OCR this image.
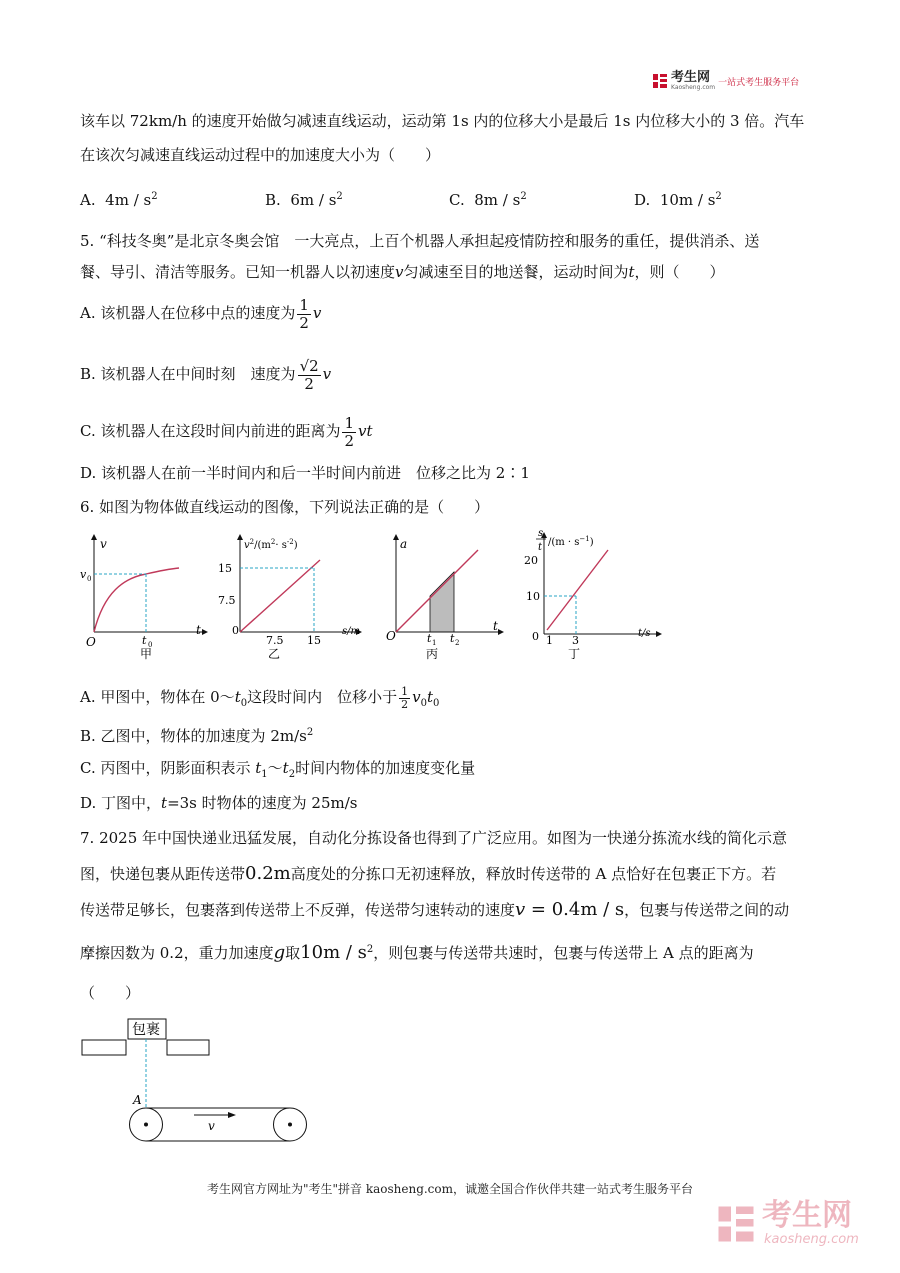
考生网
Kaosheng.com 一站式考生服务平台
该车以 72km/h 的速度开始做匀减速直线运动，运动第 1s 内的位移大小是最后 1s 内位移大小的 3 倍。汽车
在该次匀减速直线运动过程中的加速度大小为（　　）
A. $4m / s^2$	B. $6m / s^2$	C. $8m / s^2$	D. $10m / s^2$
5. “科技冬奥”是北京冬奥会馆　一大亮点，上百个机器人承担起疫情防控和服务的重任，提供消杀、送
餐、导引、清洁等服务。已知一机器人以初速度v匀减速至目的地送餐，运动时间为t，则（　　）
A. 该机器人在位移中点的速度为 $\frac{1}{2}$ v
B. 该机器人在中间时刻　速度为 $\frac{√2}{2}$ v
C. 该机器人在这段时间内前进的距离为 $\frac{1}{2}$ vt
D. 该机器人在前一半时间内和后一半时间内前进　位移之比为 2∶1
6. 如图为物体做直线运动的图像，下列说法正确的是（　　）
v
t
O
v 0
t 0
甲
$v^2/(m^2\cdot s^{-2})$
15
7.5
7.5 15
s/m
0
乙
a
t
O	t 1 t 2
丙
s
t $/(m \cdot s^{-1})$
20
10
1 3
t/s
0
丁
A. 甲图中，物体在 $0\sim t_0$这段时间内　位移小于 $\frac{1}{2} v_0t_0$
B. 乙图中，物体的加速度为 $2m/s^2$
C. 丙图中，阴影面积表示 $t_1\sim t_2$时间内物体的加速度变化量
D. 丁图中，t=3s 时物体的速度为 25m/s
7. 2025 年中国快递业迅猛发展，自动化分拣设备也得到了广泛应用。如图为一快递分拣流水线的简化示意
图，快递包裹从距传送带0.2m高度处的分拣口无初速释放，释放时传送带的 A 点恰好在包裹正下方。若
传送带足够长，包裹落到传送带上不反弹，传送带匀速转动的速度v = 0.4m / s，包裹与传送带之间的动
摩擦因数为 0.2，重力加速度g取$10m / s^2$，则包裹与传送带共速时，包裹与传送带上 A 点的距离为
（　　）
包裹
A
v
考生网官方网址为"考生"拼音 kaosheng.com，诚邀全国合作伙伴共建一站式考生服务平台
考生网
kaosheng.com
